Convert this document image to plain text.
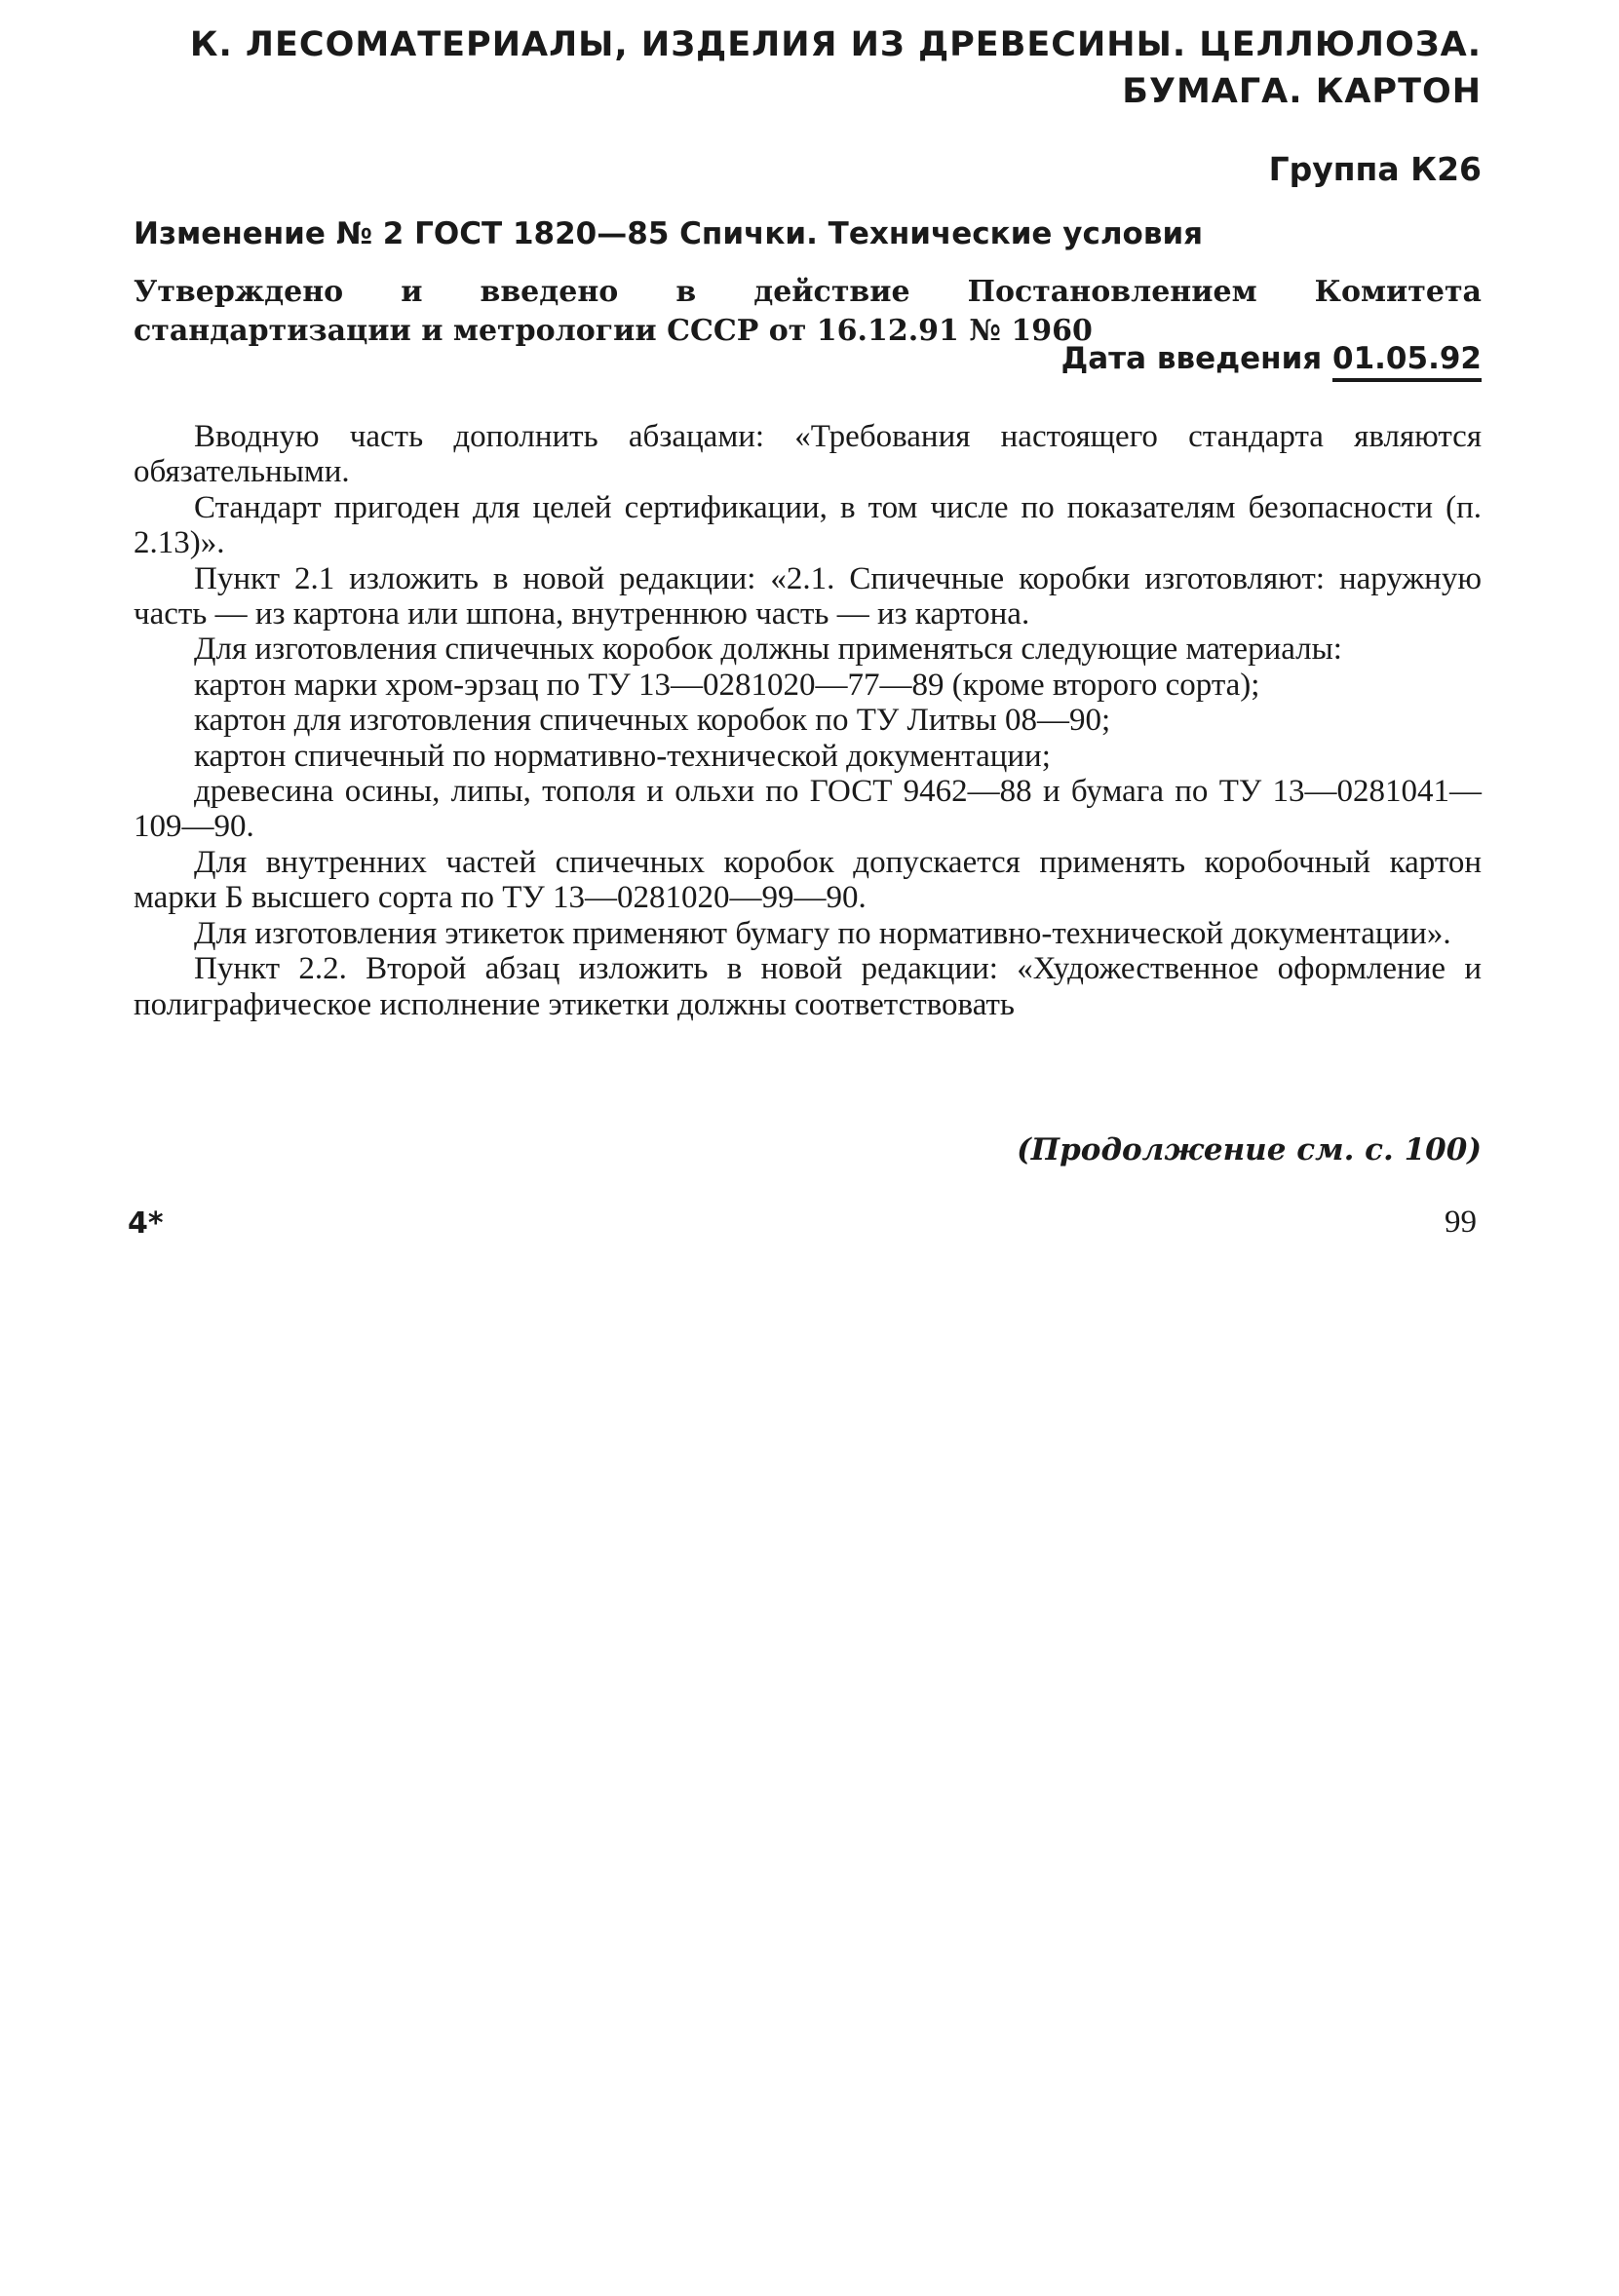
К. ЛЕСОМАТЕРИАЛЫ, ИЗДЕЛИЯ ИЗ ДРЕВЕСИНЫ. ЦЕЛЛЮЛОЗА.
БУМАГА. КАРТОН
Группа К26
Изменение № 2 ГОСТ 1820—85 Спички. Технические условия
Утверждено и введено в действие Постановлением Комитета стандартизации и метрологии СССР от 16.12.91 № 1960
Дата введения 01.05.92

Вводную часть дополнить абзацами: «Требования настоящего стандарта являются обязательными.

Стандарт пригоден для целей сертификации, в том числе по показателям безопасности (п. 2.13)».

Пункт 2.1 изложить в новой редакции: «2.1. Спичечные коробки изготовляют: наружную часть — из картона или шпона, внутреннюю часть — из картона.

Для изготовления спичечных коробок должны применяться следующие материалы:

картон марки хром-эрзац по ТУ 13—0281020—77—89 (кроме второго сорта);

картон для изготовления спичечных коробок по ТУ Литвы 08—90;

картон спичечный по нормативно-технической документации;

древесина осины, липы, тополя и ольхи по ГОСТ 9462—88 и бумага по ТУ 13—0281041—109—90.

Для внутренних частей спичечных коробок допускается применять коробочный картон марки Б высшего сорта по ТУ 13—0281020—99—90.

Для изготовления этикеток применяют бумагу по нормативно-технической документации».

Пункт 2.2. Второй абзац изложить в новой редакции: «Художественное оформление и полиграфическое исполнение этикетки должны соответствовать

(Продолжение см. с. 100)
4*	99
